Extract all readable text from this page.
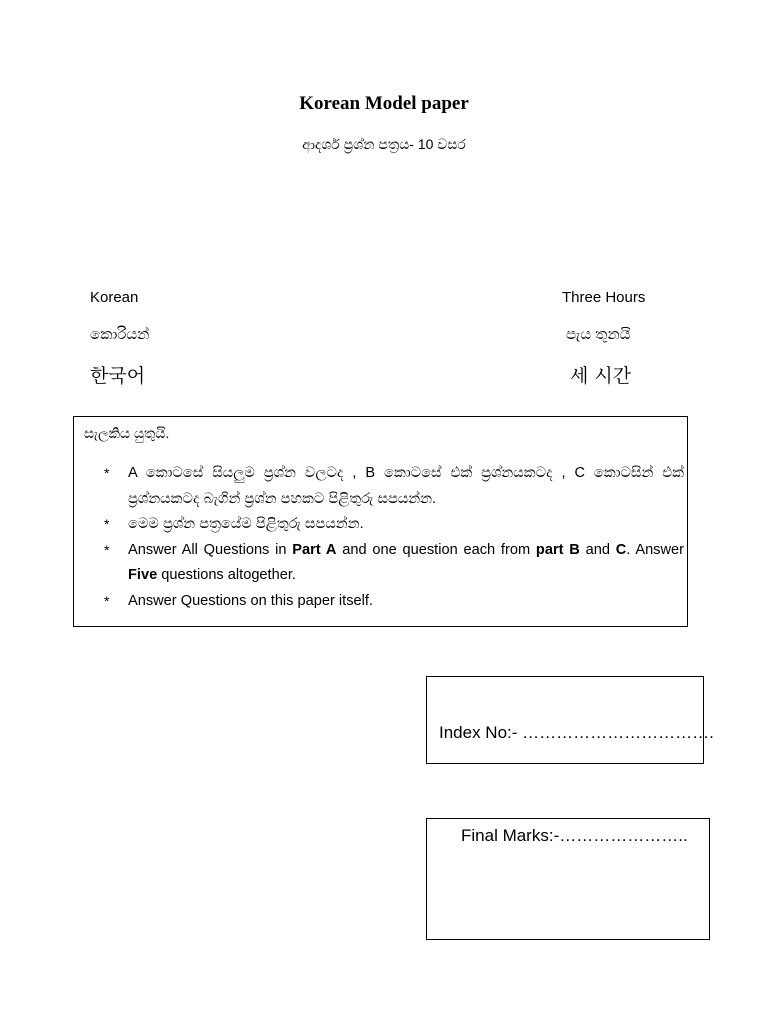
Korean Model paper
ආදර්ශ ප්‍රශ්න පත්‍රය- 10 වසර
Korean
කොරියන්
한국어
Three Hours
පැය තුනයි
세 시간
සැලකිය යුතුයි.
* A කොටසේ සියලුම ප්‍රශ්න වලටද , B කොටසේ එක් ප්‍රශ්නයකටද , C කොටසින් එක් ප්‍රශ්නයකටද බැගින් ප්‍රශ්න පහකට පිළිතුරු සපයන්න.
* මෙම ප්‍රශ්න පත්‍රයේම පිළිතුරු සපයන්න.
* Answer All Questions in Part A and one question each from part B and C. Answer Five questions altogether.
* Answer Questions on this paper itself.
Index No:- …………………………….
Final Marks:-…………………..
